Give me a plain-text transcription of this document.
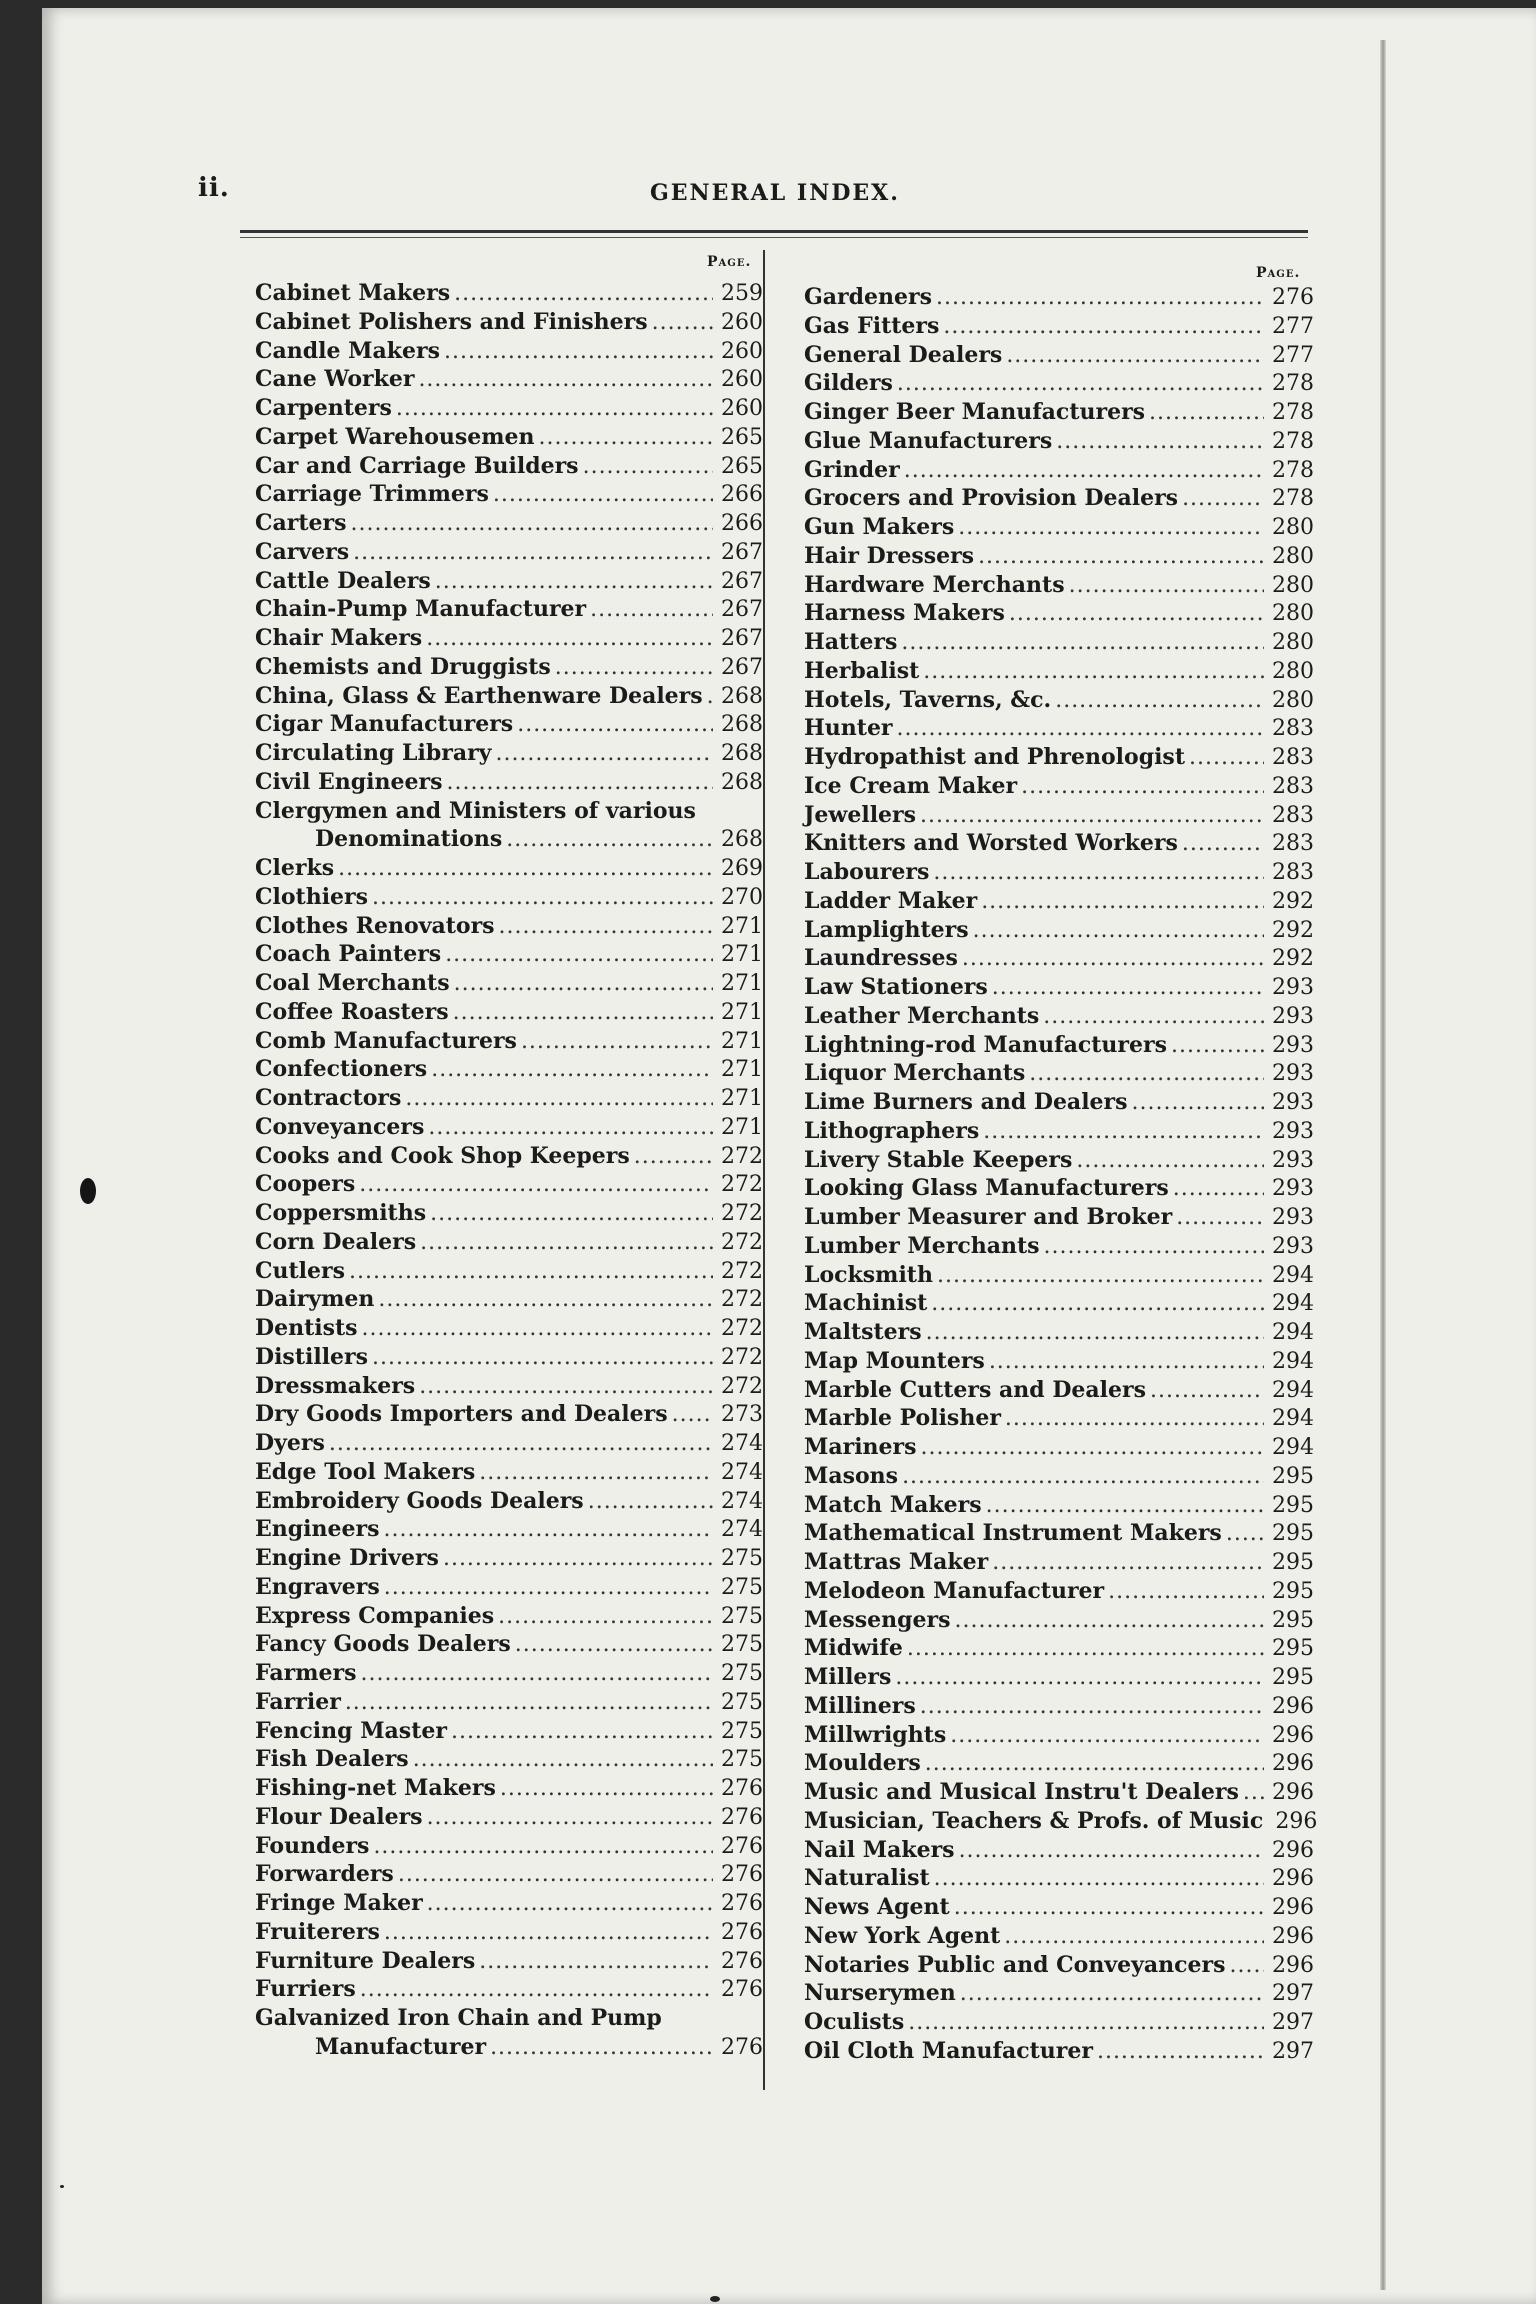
ii.	GENERAL INDEX.
Page.
Page.
Cabinet Makers .....	259
Cabinet Polishers and Finishers .....	260
Candle Makers .....	260
Cane Worker .....	260
Carpenters .....	260
Carpet Warehousemen .....	265
Car and Carriage Builders .....	265
Carriage Trimmers .....	266
Carters .....	266
Carvers .....	267
Cattle Dealers .....	267
Chain-Pump Manufacturer .....	267
Chair Makers .....	267
Chemists and Druggists .....	267
China, Glass & Earthenware Dealers ..... 268
Cigar Manufacturers .....	268
Circulating Library .....	268
Civil Engineers .....	268
Clergymen and Ministers of various
Denominations .....	268
Clerks .....	269
Clothiers .....	270
Clothes Renovators .....	271
Coach Painters .....	271
Coal Merchants .....	271
Coffee Roasters .....	271
Comb Manufacturers .....	271
Confectioners .....	271
Contractors .....	271
Conveyancers .....	271
Cooks and Cook Shop Keepers .....	272
Coopers .....	272
Coppersmiths .....	272
Corn Dealers .....	272
Cutlers .....	272
Dairymen .....	272
Dentists .....	272
Distillers .....	272
Dressmakers .....	272
Dry Goods Importers and Dealers ..... 273
Dyers .....	274
Edge Tool Makers .....	274
Embroidery Goods Dealers .....	274
Engineers .....	274
Engine Drivers .....	275
Engravers .....	275
Express Companies .....	275
Fancy Goods Dealers .....	275
Farmers .....	275
Farrier .....	275
Fencing Master .....	275
Fish Dealers .....	275
Fishing-net Makers .....	276
Flour Dealers .....	276
Founders .....	276
Forwarders .....	276
Fringe Maker .....	276
Fruiterers .....	276
Furniture Dealers .....	276
Furriers .....	276
Galvanized Iron Chain and Pump
Manufacturer .....	276
Gardeners .....	276
Gas Fitters .....	277
General Dealers .....	277
Gilders .....	278
Ginger Beer Manufacturers .....	278
Glue Manufacturers .....	278
Grinder .....	278
Grocers and Provision Dealers .....	278
Gun Makers .....	280
Hair Dressers .....	280
Hardware Merchants .....	280
Harness Makers .....	280
Hatters .....	280
Herbalist .....	280
Hotels, Taverns, &c. .....	280
Hunter .....	283
Hydropathist and Phrenologist .....	283
Ice Cream Maker .....	283
Jewellers .....	283
Knitters and Worsted Workers .....	283
Labourers .....	283
Ladder Maker .....	292
Lamplighters .....	292
Laundresses .....	292
Law Stationers .....	293
Leather Merchants .....	293
Lightning-rod Manufacturers .....	293
Liquor Merchants .....	293
Lime Burners and Dealers .....	293
Lithographers .....	293
Livery Stable Keepers .....	293
Looking Glass Manufacturers .....	293
Lumber Measurer and Broker .....	293
Lumber Merchants .....	293
Locksmith .....	294
Machinist .....	294
Maltsters .....	294
Map Mounters .....	294
Marble Cutters and Dealers .....	294
Marble Polisher .....	294
Mariners .....	294
Masons .....	295
Match Makers .....	295
Mathematical Instrument Makers ..... 295
Mattras Maker .....	295
Melodeon Manufacturer .....	295
Messengers .....	295
Midwife .....	295
Millers .....	295
Milliners .....	296
Millwrights .....	296
Moulders .....	296
Music and Musical Instru't Dealers ..... 296
Musician, Teachers & Profs. of Music 296
Nail Makers .....	296
Naturalist .....	296
News Agent .....	296
New York Agent .....	296
Notaries Public and Conveyancers ..... 296
Nurserymen .....	297
Oculists .....	297
Oil Cloth Manufacturer .....	297
